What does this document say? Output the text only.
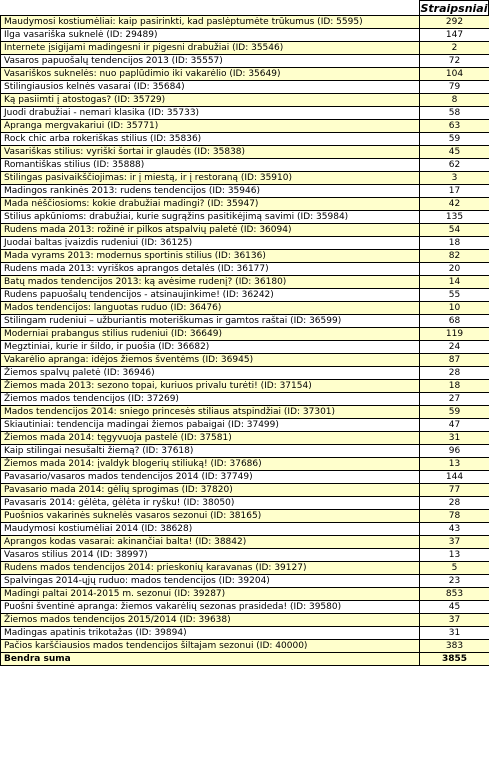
Straipsniai
Maudymosi kostiumėliai: kaip pasirinkti, kad paslėptumėte trūkumus (ID: 5595)	292
Ilga vasariška suknelė (ID: 29489)	147
Internete įsigijami madingesni ir pigesni drabužiai (ID: 35546)	2
Vasaros papuošalų tendencijos 2013 (ID: 35557)	72
Vasariškos suknelės: nuo paplūdimio iki vakarėlio (ID: 35649)	104
Stilingiausios kelnės vasarai (ID: 35684)	79
Ką pasiimti į atostogas? (ID: 35729)	8
Juodi drabužiai - nemari klasika (ID: 35733)	58
Apranga mergvakariui (ID: 35771)	63
Rock chic arba rokeriškas stilius (ID: 35836)	59
Vasariškas stilius: vyriški šortai ir glaudės (ID: 35838)	45
Romantiškas stilius (ID: 35888)	62
Stilingas pasivaikščiojimas: ir į miestą, ir į restoraną (ID: 35910)	3
Madingos rankinės 2013: rudens tendencijos (ID: 35946)	17
Mada nėščiosioms: kokie drabužiai madingi? (ID: 35947)	42
Stilius apkūnioms: drabužiai, kurie sugrąžins pasitikėjimą savimi (ID: 35984)	135
Rudens mada 2013: rožinė ir pilkos atspalvių paletė (ID: 36094)	54
Juodai baltas įvaizdis rudeniui (ID: 36125)	18
Mada vyrams 2013: modernus sportinis stilius (ID: 36136)	82
Rudens mada 2013: vyriškos aprangos detalės (ID: 36177)	20
Batų mados tendencijos 2013: ką avėsime rudenį? (ID: 36180)	14
Rudens papuošalų tendencijos - atsinaujinkime! (ID: 36242)	55
Mados tendencijos: languotas ruduo (ID: 36476)	10
Stilingam rudeniui – užburiantis moteriškumas ir gamtos raštai (ID: 36599)	68
Moderniai prabangus stilius rudeniui (ID: 36649)	119
Megztiniai, kurie ir šildo, ir puošia (ID: 36682)	24
Vakarėlio apranga: idėjos žiemos šventėms (ID: 36945)	87
Žiemos spalvų paletė (ID: 36946)	28
Žiemos mada 2013: sezono topai, kuriuos privalu turėti! (ID: 37154)	18
Žiemos mados tendencijos (ID: 37269)	27
Mados tendencijos 2014: sniego princesės stiliaus atspindžiai (ID: 37301)	59
Skiautiniai: tendencija madingai žiemos pabaigai (ID: 37499)	47
Žiemos mada 2014: tęgyvuoja pastelė (ID: 37581)	31
Kaip stilingai nesušalti žiemą? (ID: 37618)	96
Žiemos mada 2014: įvaldyk blogerių stiliuką! (ID: 37686)	13
Pavasario/vasaros mados tendencijos 2014 (ID: 37749)	144
Pavasario mada 2014: gėlių sprogimas (ID: 37820)	77
Pavasaris 2014: gėlėta, gėlėta ir ryšku! (ID: 38050)	28
Puošnios vakarinės suknelės vasaros sezonui (ID: 38165)	78
Maudymosi kostiumėliai 2014 (ID: 38628)	43
Aprangos kodas vasarai: akinančiai balta! (ID: 38842)	37
Vasaros stilius 2014 (ID: 38997)	13
Rudens mados tendencijos 2014: prieskonių karavanas (ID: 39127)	5
Spalvingas 2014-ųjų ruduo: mados tendencijos (ID: 39204)	23
Madingi paltai 2014-2015 m. sezonui (ID: 39287)	853
Puošni šventinė apranga: žiemos vakarėlių sezonas prasideda! (ID: 39580)	45
Žiemos mados tendencijos 2015/2014 (ID: 39638)	37
Madingas apatinis trikotažas (ID: 39894)	31
Pačios karščiausios mados tendencijos šiltajam sezonui (ID: 40000)	383
Bendra suma	3855
